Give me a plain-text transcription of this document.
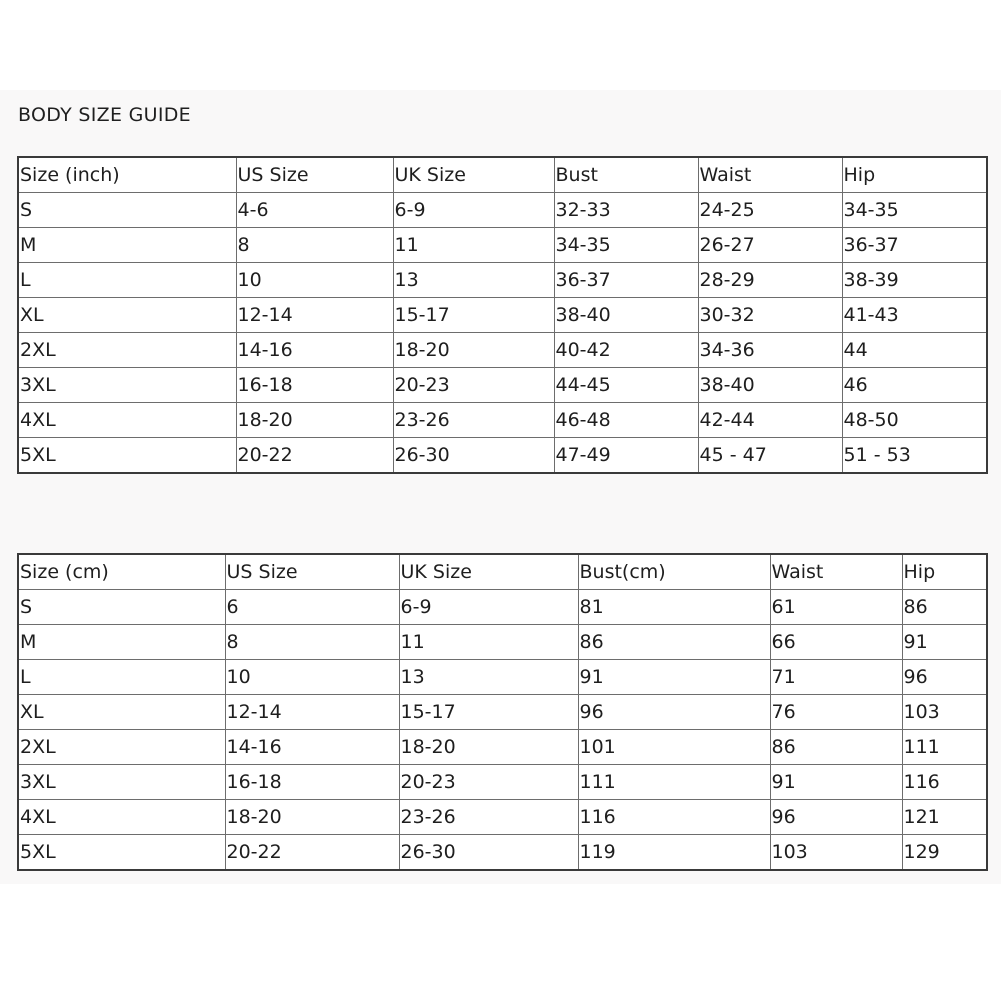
BODY SIZE GUIDE
Size (inch)	US Size	UK Size	Bust	Waist	Hip
S	4-6	6-9	32-33	24-25	34-35
M	8	11	34-35	26-27	36-37
L	10	13	36-37	28-29	38-39
XL	12-14	15-17	38-40	30-32	41-43
2XL	14-16	18-20	40-42	34-36	44
3XL	16-18	20-23	44-45	38-40	46
4XL	18-20	23-26	46-48	42-44	48-50
5XL	20-22	26-30	47-49	45 - 47	51 - 53
Size (cm)	US Size	UK Size	Bust(cm)	Waist	Hip
S	6	6-9	81	61	86
M	8	11	86	66	91
L	10	13	91	71	96
XL	12-14	15-17	96	76	103
2XL	14-16	18-20	101	86	111
3XL	16-18	20-23	111	91	116
4XL	18-20	23-26	116	96	121
5XL	20-22	26-30	119	103	129
